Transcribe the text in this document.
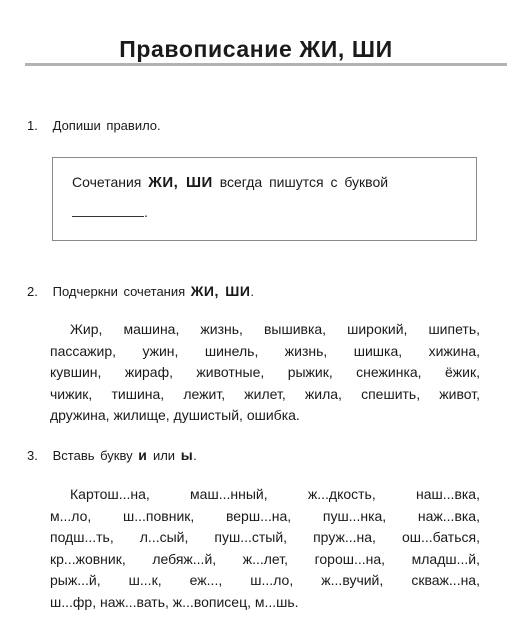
Правописание ЖИ, ШИ
1. Допиши правило.
Сочетания ЖИ, ШИ всегда пишутся с буквой
.
2. Подчеркни сочетания ЖИ, ШИ.
Жир, машина, жизнь, вышивка, широкий, шипеть,
пассажир, ужин, шинель, жизнь, шишка, хижина,
кувшин, жираф, животные, рыжик, снежинка, ёжик,
чижик, тишина, лежит, жилет, жила, спешить, живот,
дружина, жилище, душистый, ошибка.
3. Вставь букву и или ы.
Картош...на, маш...нный, ж...дкость, наш...вка,
м...ло, ш...повник, верш...на, пуш...нка, наж...вка,
подш...ть, л...сый, пуш...стый, пруж...на, ош...баться,
кр...жовник, лебяж...й, ж...лет, горош...на, младш...й,
рыж...й, ш...к, еж..., ш...ло, ж...вучий, скваж...на,
ш...фр, наж...вать, ж...вописец, м...шь.
